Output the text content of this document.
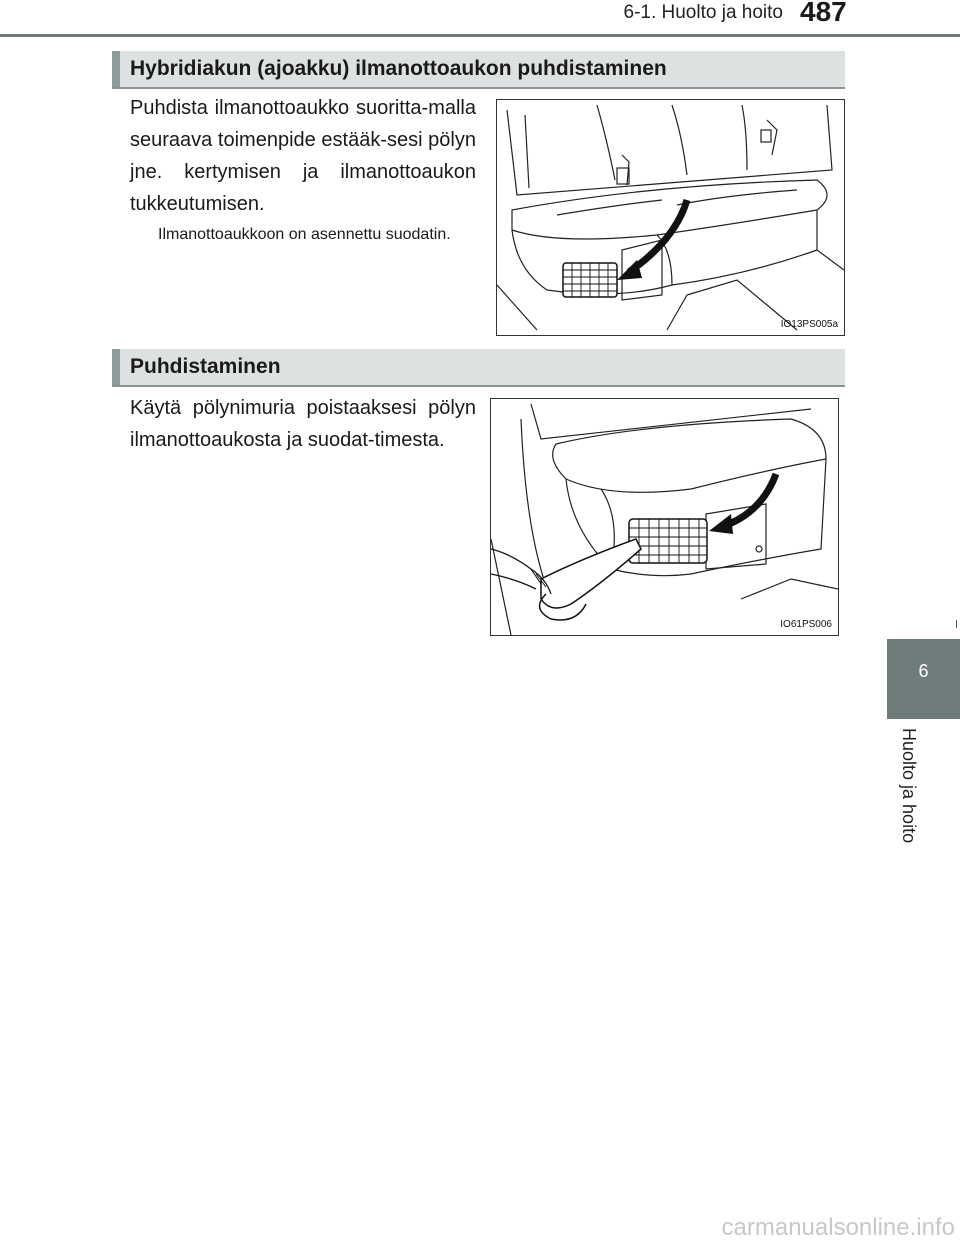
6-1. Huolto ja hoito 487
6
Huolto ja hoito
Hybridiakun (ajoakku) ilmanottoaukon puhdistaminen
Puhdista ilmanottoaukko suoritta-malla seuraava toimenpide estääk-sesi pölyn jne. kertymisen ja ilmanottoaukon tukkeutumisen.
Ilmanottoaukkoon on asennettu suodatin.
IO13PS005a
Puhdistaminen
Käytä pölynimuria poistaaksesi pölyn ilmanottoaukosta ja suodat-timesta.
IO61PS006
carmanualsonline.info
